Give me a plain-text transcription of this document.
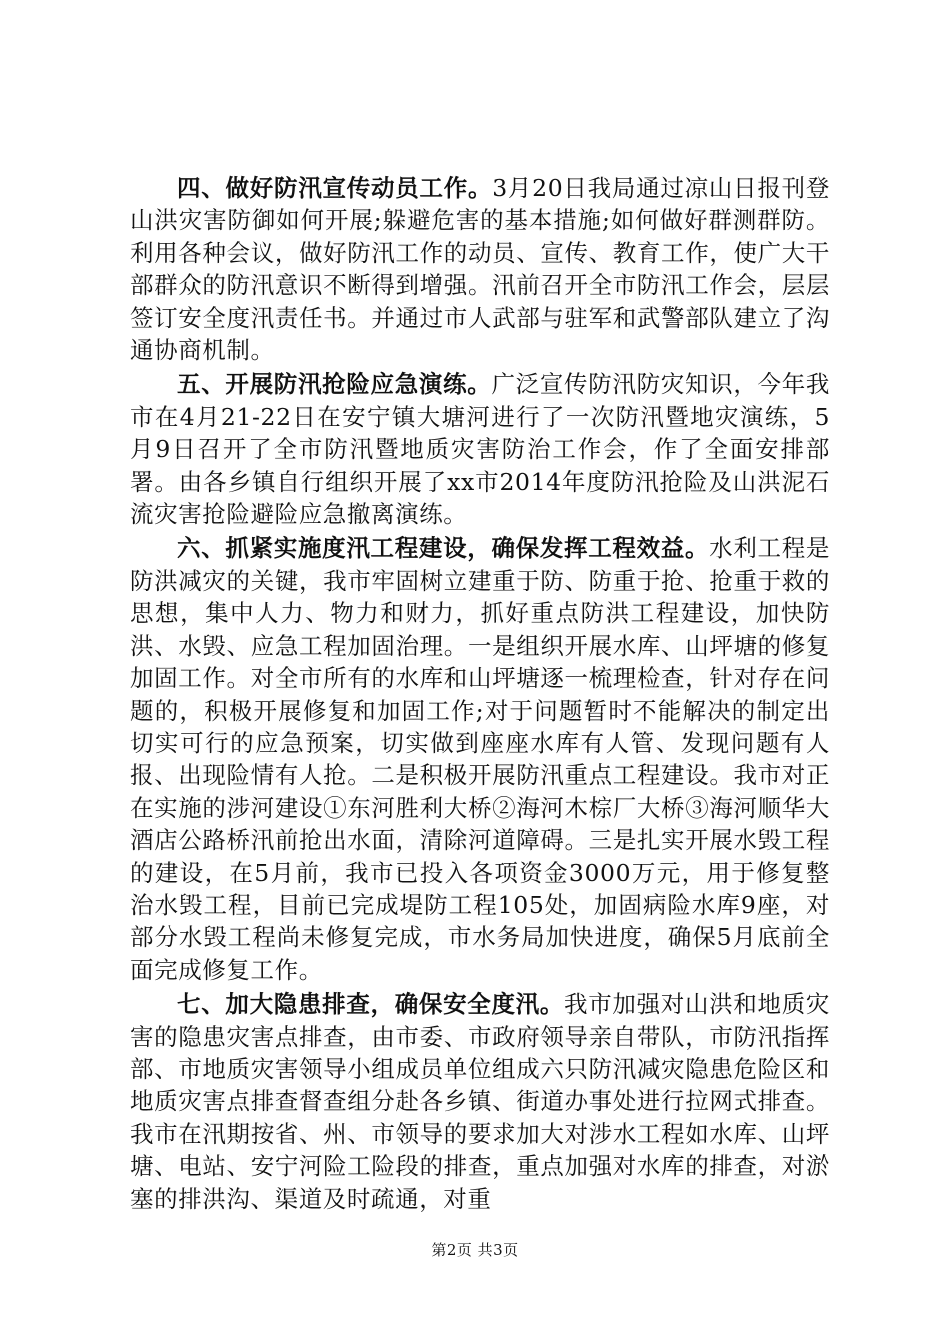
四、做好防汛宣传动员工作。3月20日我局通过凉山日报刊登山洪灾害防御如何开展;躲避危害的基本措施;如何做好群测群防。利用各种会议，做好防汛工作的动员、宣传、教育工作，使广大干部群众的防汛意识不断得到增强。汛前召开全市防汛工作会，层层签订安全度汛责任书。并通过市人武部与驻军和武警部队建立了沟通协商机制。

五、开展防汛抢险应急演练。广泛宣传防汛防灾知识，今年我市在4月21-22日在安宁镇大塘河进行了一次防汛暨地灾演练，5月9日召开了全市防汛暨地质灾害防治工作会，作了全面安排部署。由各乡镇自行组织开展了xx市2014年度防汛抢险及山洪泥石流灾害抢险避险应急撤离演练。

六、抓紧实施度汛工程建设，确保发挥工程效益。水利工程是防洪减灾的关键，我市牢固树立建重于防、防重于抢、抢重于救的思想，集中人力、物力和财力，抓好重点防洪工程建设，加快防洪、水毁、应急工程加固治理。一是组织开展水库、山坪塘的修复加固工作。对全市所有的水库和山坪塘逐一梳理检查，针对存在问题的，积极开展修复和加固工作;对于问题暂时不能解决的制定出切实可行的应急预案，切实做到座座水库有人管、发现问题有人报、出现险情有人抢。二是积极开展防汛重点工程建设。我市对正在实施的涉河建设①东河胜利大桥②海河木棕厂大桥③海河顺华大酒店公路桥汛前抢出水面，清除河道障碍。三是扎实开展水毁工程的建设，在5月前，我市已投入各项资金3000万元，用于修复整治水毁工程，目前已完成堤防工程105处，加固病险水库9座，对部分水毁工程尚未修复完成，市水务局加快进度，确保5月底前全面完成修复工作。

七、加大隐患排查，确保安全度汛。我市加强对山洪和地质灾害的隐患灾害点排查，由市委、市政府领导亲自带队，市防汛指挥部、市地质灾害领导小组成员单位组成六只防汛减灾隐患危险区和地质灾害点排查督查组分赴各乡镇、街道办事处进行拉网式排查。我市在汛期按省、州、市领导的要求加大对涉水工程如水库、山坪塘、电站、安宁河险工险段的排查，重点加强对水库的排查，对淤塞的排洪沟、渠道及时疏通，对重

第2页 共3页
